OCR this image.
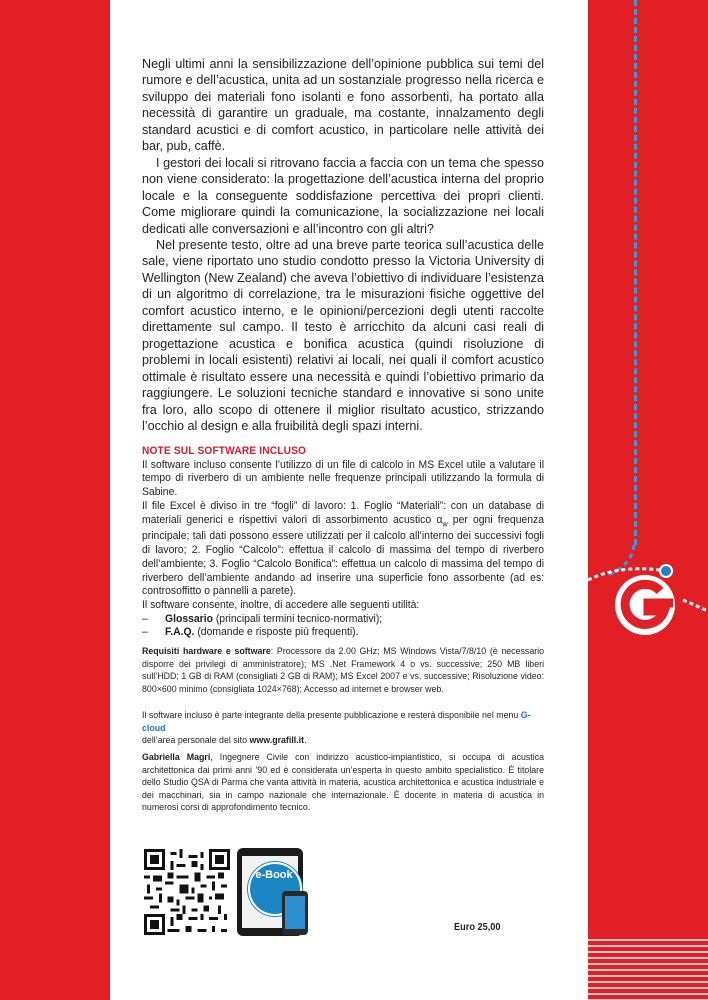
Negli ultimi anni la sensibilizzazione dell’opinione pubblica sui temi del rumore e dell’acustica, unita ad un sostanziale progresso nella ricerca e sviluppo dei materiali fono isolanti e fono assorbenti, ha portato alla necessità di garantire un graduale, ma costante, innalzamento degli standard acustici e di comfort acustico, in particolare nelle attività dei bar, pub, caffè.

I gestori dei locali si ritrovano faccia a faccia con un tema che spesso non viene considerato: la progettazione dell’acustica interna del proprio locale e la conseguente soddisfazione percettiva dei propri clienti. Come migliorare quindi la comunicazione, la socializzazione nei locali dedicati alle conversazioni e all’incontro con gli altri?

Nel presente testo, oltre ad una breve parte teorica sull’acustica delle sale, viene riportato uno studio condotto presso la Victoria University di Wellington (New Zealand) che aveva l’obiettivo di individuare l’esistenza di un algoritmo di correlazione, tra le misurazioni fisiche oggettive del comfort acustico interno, e le opinioni/percezioni degli utenti raccolte direttamente sul campo. Il testo è arricchito da alcuni casi reali di progettazione acustica e bonifica acustica (quindi risoluzione di problemi in locali esistenti) relativi ai locali, nei quali il comfort acustico ottimale è risultato essere una necessità e quindi l’obiettivo primario da raggiungere. Le soluzioni tecniche standard e innovative si sono unite fra loro, allo scopo di ottenere il miglior risultato acustico, strizzando l’occhio al design e alla fruibilità degli spazi interni.

NOTE SUL SOFTWARE INCLUSO

Il software incluso consente l’utilizzo di un file di calcolo in MS Excel utile a valutare il tempo di riverbero di un ambiente nelle frequenze principali utilizzando la formula di Sabine.

Il file Excel è diviso in tre “fogli” di lavoro: 1. Foglio “Materiali”: con un database di materiali generici e rispettivi valori di assorbimento acustico $\alpha_w$ per ogni frequenza principale; tali dati possono essere utilizzati per il calcolo all’interno dei successivi fogli di lavoro; 2. Foglio “Calcolo”: effettua il calcolo di massima del tempo di riverbero dell’ambiente; 3. Foglio “Calcolo Bonifica”: effettua un calcolo di massima del tempo di riverbero dell’ambiente andando ad inserire una superficie fono assorbente (ad es: controsoffitto o pannelli a parete).

Il software consente, inoltre, di accedere alle seguenti utilità:

–	Glossario (principali termini tecnico-normativi);
–	F.A.Q. (domande e risposte più frequenti).
Requisiti hardware e software: Processore da 2.00 GHz; MS Windows Vista/7/8/10 (è necessario disporre dei privilegi di amministratore); MS .Net Framework 4 o vs. successive; 250 MB liberi sull’HDD; 1 GB di RAM (consigliati 2 GB di RAM); MS Excel 2007 e vs. successive; Risoluzione video: 800×600 minimo (consigliata 1024×768); Accesso ad internet e browser web.
Il software incluso è parte integrante della presente pubblicazione e resterà disponibile nel menu G-cloud
dell’area personale del sito www.grafill.it.
Gabriella Magri, Ingegnere Civile con indirizzo acustico-impiantistico, si occupa di acustica architettonica dai primi anni ’90 ed è considerata un’esperta in questo ambito specialistico. È titolare dello Studio QSA di Parma che vanta attività in materia, acustica architettonica e acustica industriale e dei macchinari, sia in campo nazionale che internazionale. È docente in materia di acustica in numerosi corsi di approfondimento tecnico.
e-Book
Euro 25,00
